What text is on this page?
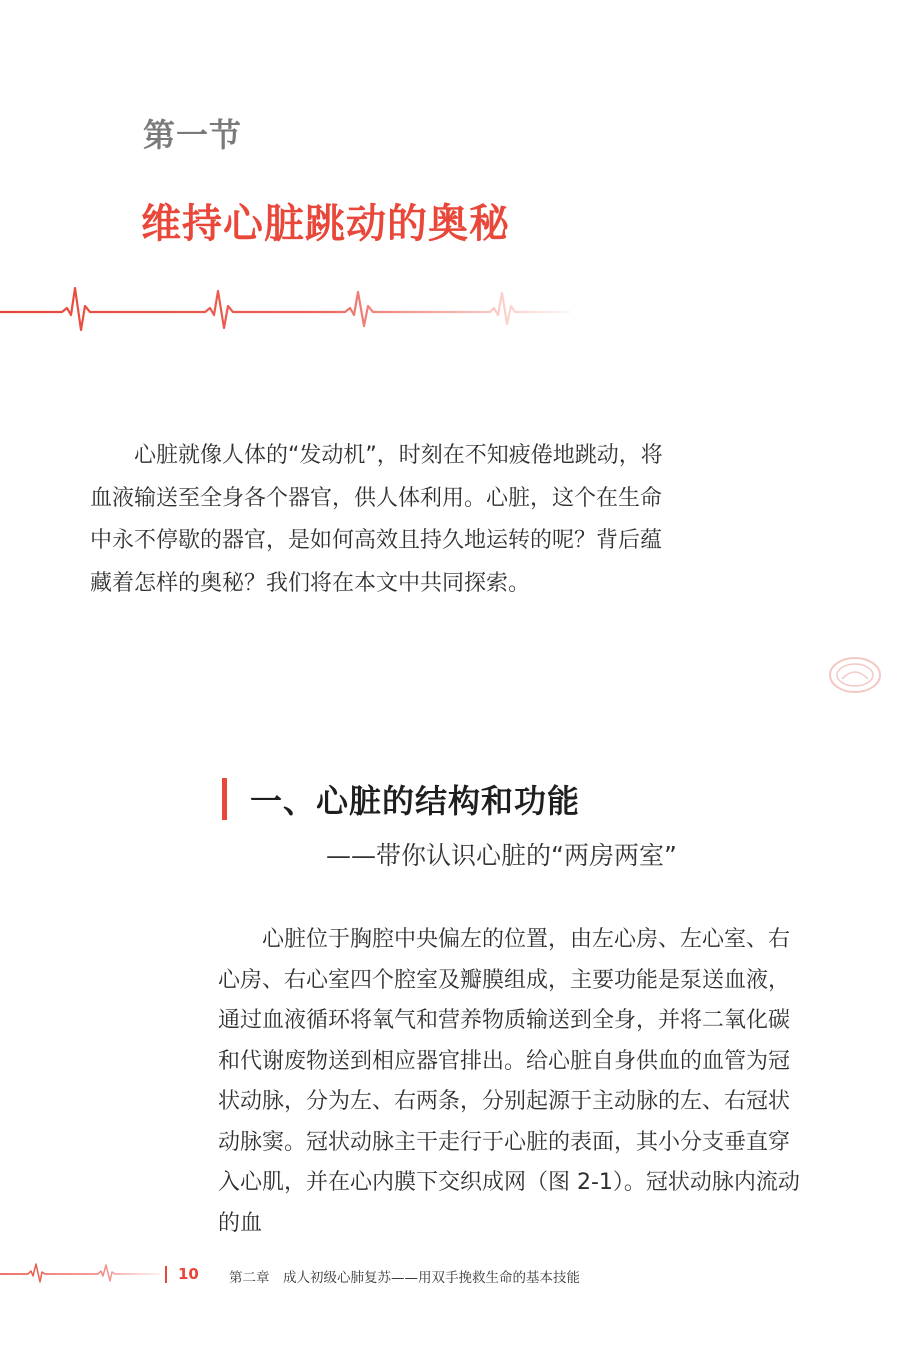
第一节
维持心脏跳动的奥秘

心脏就像人体的“发动机”，时刻在不知疲倦地跳动，将血液输送至全身各个器官，供人体利用。心脏，这个在生命中永不停歇的器官，是如何高效且持久地运转的呢？背后蕴藏着怎样的奥秘？我们将在本文中共同探索。

一、心脏的结构和功能
——带你认识心脏的“两房两室”

心脏位于胸腔中央偏左的位置，由左心房、左心室、右心房、右心室四个腔室及瓣膜组成，主要功能是泵送血液，通过血液循环将氧气和营养物质输送到全身，并将二氧化碳和代谢废物送到相应器官排出。给心脏自身供血的血管为冠状动脉，分为左、右两条，分别起源于主动脉的左、右冠状动脉窦。冠状动脉主干走行于心脏的表面，其小分支垂直穿入心肌，并在心内膜下交织成网（图 2-1）。冠状动脉内流动的血

10 第二章　成人初级心肺复苏——用双手挽救生命的基本技能
